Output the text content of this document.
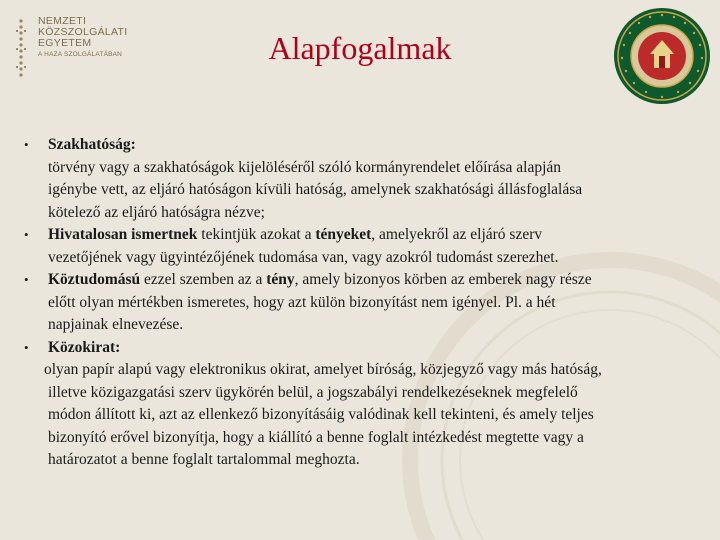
NEMZETI
KÖZSZOLGÁLATI
EGYETEM
A HAZA SZOLGÁLATÁBAN	Alapfogalmak
• Szakhatóság:
törvény vagy a szakhatóságok kijelöléséről szóló kormányrendelet előírása alapján
igénybe vett, az eljáró hatóságon kívüli hatóság, amelynek szakhatósági állásfoglalása
kötelező az eljáró hatóságra nézve;
• Hivatalosan ismertnek tekintjük azokat a tényeket, amelyekről az eljáró szerv
vezetőjének vagy ügyintézőjének tudomása van, vagy azokról tudomást szerezhet.
• Köztudomású ezzel szemben az a tény, amely bizonyos körben az emberek nagy része
előtt olyan mértékben ismeretes, hogy azt külön bizonyítást nem igényel. Pl. a hét
napjainak elnevezése.
• Közokirat:
olyan papír alapú vagy elektronikus okirat, amelyet bíróság, közjegyző vagy más hatóság,
illetve közigazgatási szerv ügykörén belül, a jogszabályi rendelkezéseknek megfelelő
módon állított ki, azt az ellenkező bizonyításáig valódinak kell tekinteni, és amely teljes
bizonyító erővel bizonyítja, hogy a kiállító a benne foglalt intézkedést megtette vagy a
határozatot a benne foglalt tartalommal meghozta.
